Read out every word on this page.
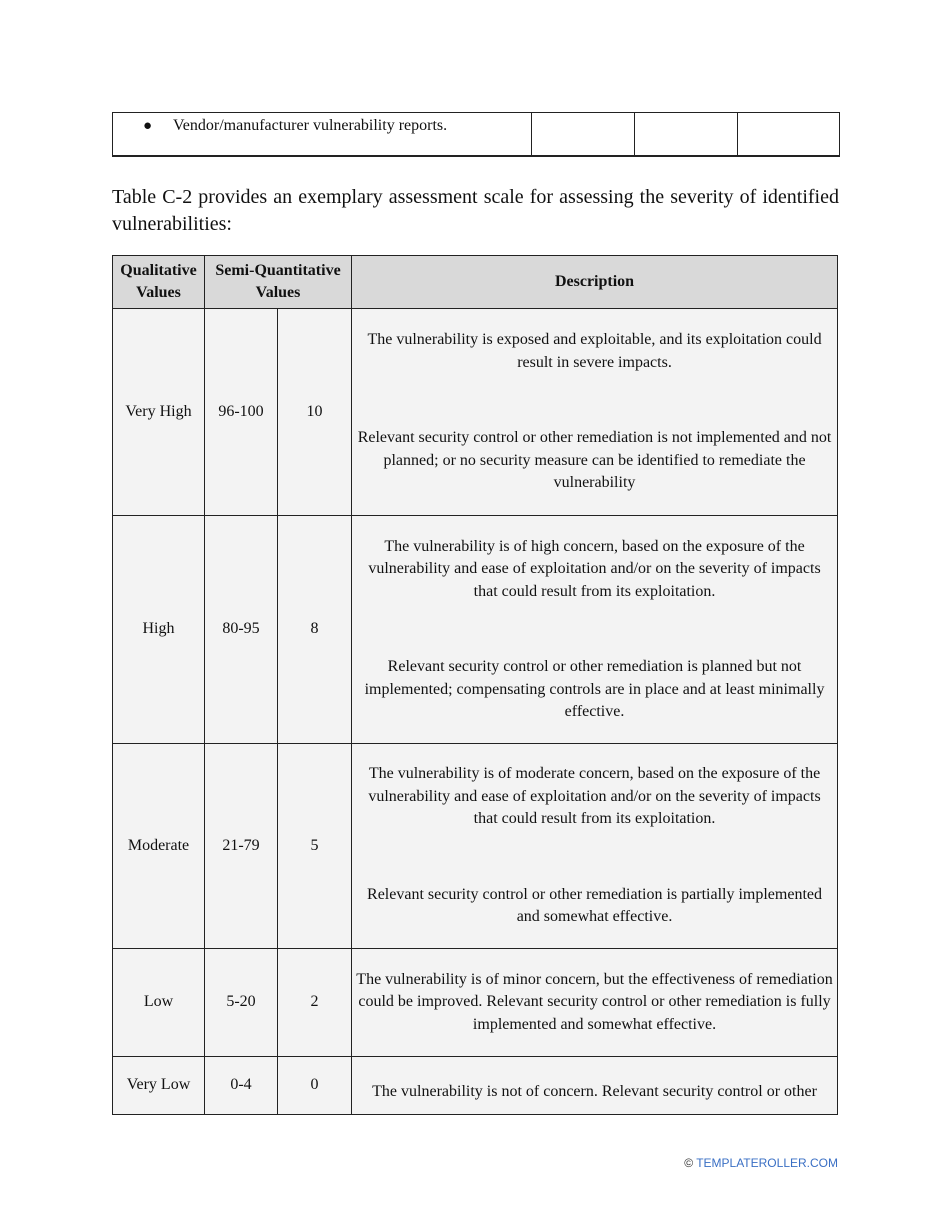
● Vendor/manufacturer vulnerability reports.			

Table C-2 provides an exemplary assessment scale for assessing the severity of identified vulnerabilities:

Qualitative Values	Semi-Quantitative Values		Description
Very High	96-100	10	The vulnerability is exposed and exploitable, and its exploitation could result in severe impacts.
Relevant security control or other remediation is not implemented and not planned; or no security measure can be identified to remediate the vulnerability

High	80-95	8	The vulnerability is of high concern, based on the exposure of the vulnerability and ease of exploitation and/or on the severity of impacts that could result from its exploitation.
Relevant security control or other remediation is planned but not implemented; compensating controls are in place and at least minimally effective.

Moderate	21-79	5	The vulnerability is of moderate concern, based on the exposure of the vulnerability and ease of exploitation and/or on the severity of impacts that could result from its exploitation.
Relevant security control or other remediation is partially implemented and somewhat effective.

Low	5-20	2	The vulnerability is of minor concern, but the effectiveness of remediation could be improved. Relevant security control or other remediation is fully implemented and somewhat effective.

Very Low	0-4	0	The vulnerability is not of concern. Relevant security control or other
© TEMPLATEROLLER.COM
